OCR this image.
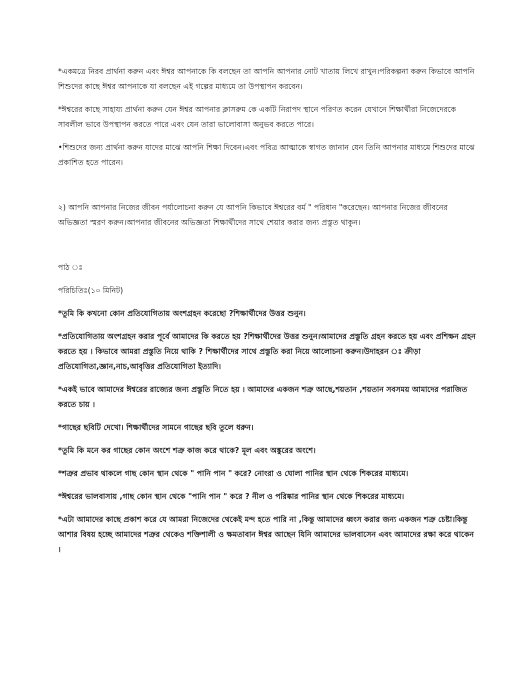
*একমত্রে নিরব প্রার্থনা করুন এবং ঈশ্বর আপনাকে কি বলছেন তা আপনি আপনার নোট খাতায় লিখে রাখুন।পরিকল্পনা করুন কিভাবে আপনি শিশুদের কাছে ঈশ্বর আপনাকে যা বলছেন এই গল্পের মাধ্যমে তা উপস্থাপন করবেন।

*ঈশ্বরের কাছে সাহায্য প্রার্থনা করুন যেন ঈশ্বর আপনার ক্লাসরুম কে একটি নিরাপদ স্থানে পরিণত করেন যেখানে শিক্ষার্থীরা নিজেদেরকে সাবলীল ভাবে উপস্থাপন করতে পারে এবং যেন তারা ভালোবাসা অনুভব করতে পারে।

•শিশুদের জন্য প্রার্থনা করুন যাদের মাঝে আপনি শিক্ষা দিবেন।এবং পবিত্র আত্মাকে স্বাগত জানান যেন তিনি আপনার মাধ্যমে শিশুদের মাঝে প্রকাশিত হতে পারেন।

২) আপনি আপনার নিজের জীবন পর্যালোচনা করুন যে আপনি কিভাবে ঈশ্বরের বর্ম " পরিধান "করেছেন। আপনার নিজের জীবনের অভিজ্ঞতা স্মরণ করুন।আপনার জীবনের অভিজ্ঞতা শিক্ষার্থীদের সাথে শেয়ার করার জন্য প্রস্তুত থাকুন।

পাঠ ঃ

পরিচিতিঃ(১০ মিনিট)

*তুমি কি কখনো কোন প্রতিযোগিতায় অংশগ্রহন করেছো ?শিক্ষার্থীদের উত্তর শুনুন।

*প্রতিযোগিতায় অংশগ্রহন করার পূর্বে আমাদের কি করতে হয় ?শিক্ষার্থীদের উত্তর শুনুন।আমাদের প্রস্তুতি গ্রহন করতে হয় এবং প্রশিক্ষন গ্রহন করতে হয় । কিভাবে আমরা প্রস্তুতি নিয়ে থাকি ? শিক্ষার্থীদের সাথে প্রস্তুতি করা নিয়ে আলোচনা করুন।উদাহরন ঃ ক্রীড়া প্রতিযোগিতা,জ্ঞান,নাচ,আবৃত্তির প্রতিযোগিতা ইত্যাদি।

*একই ভাবে আমাদের ঈশ্বরের রাজ্যের জন্য প্রস্তুতি নিতে হয় । আমাদের একজন শত্রু আছে,শয়তান ,শয়তান সবসময় আমাদের পরাজিত করতে চায় ।

*গাছের ছবিটি দেখো। শিক্ষার্থীদের সামনে গাছের ছবি তুলে ধরুন।

*তুমি কি মনে কর গাছের কোন অংশে শত্রু কাজ করে থাকে? মূল এবং অঙ্কুরের অংশে।

*শত্রুর প্রভাব থাকলে গাছ কোন স্থান থেকে " পানি পান " করে? নোংরা ও ঘোলা পানির স্থান থেকে শিকরের মাধ্যমে।

*ঈশ্বরের ভালবাসায় ,গাছ কোন স্থান থেকে "পানি পান " করে ? নীল ও পরিষ্কার পানির স্থান থেকে শিকরের মাধ্যমে।

*এটা আমাদের কাছে প্রকাশ করে যে আমরা নিজেদের থেকেই মন্দ হতে পারি না ,কিন্তু আমাদের ধ্বংস করার জন্য একজন শত্রু চেষ্টা।কিন্তু আশার বিষয় হচ্ছে আমাদের শত্রুর থেকেও শক্তিশালী ও ক্ষমতাবান ঈশ্বর আছেন যিনি আমাদের ভালবাসেন এবং আমাদের রক্ষা করে থাকেন ।
